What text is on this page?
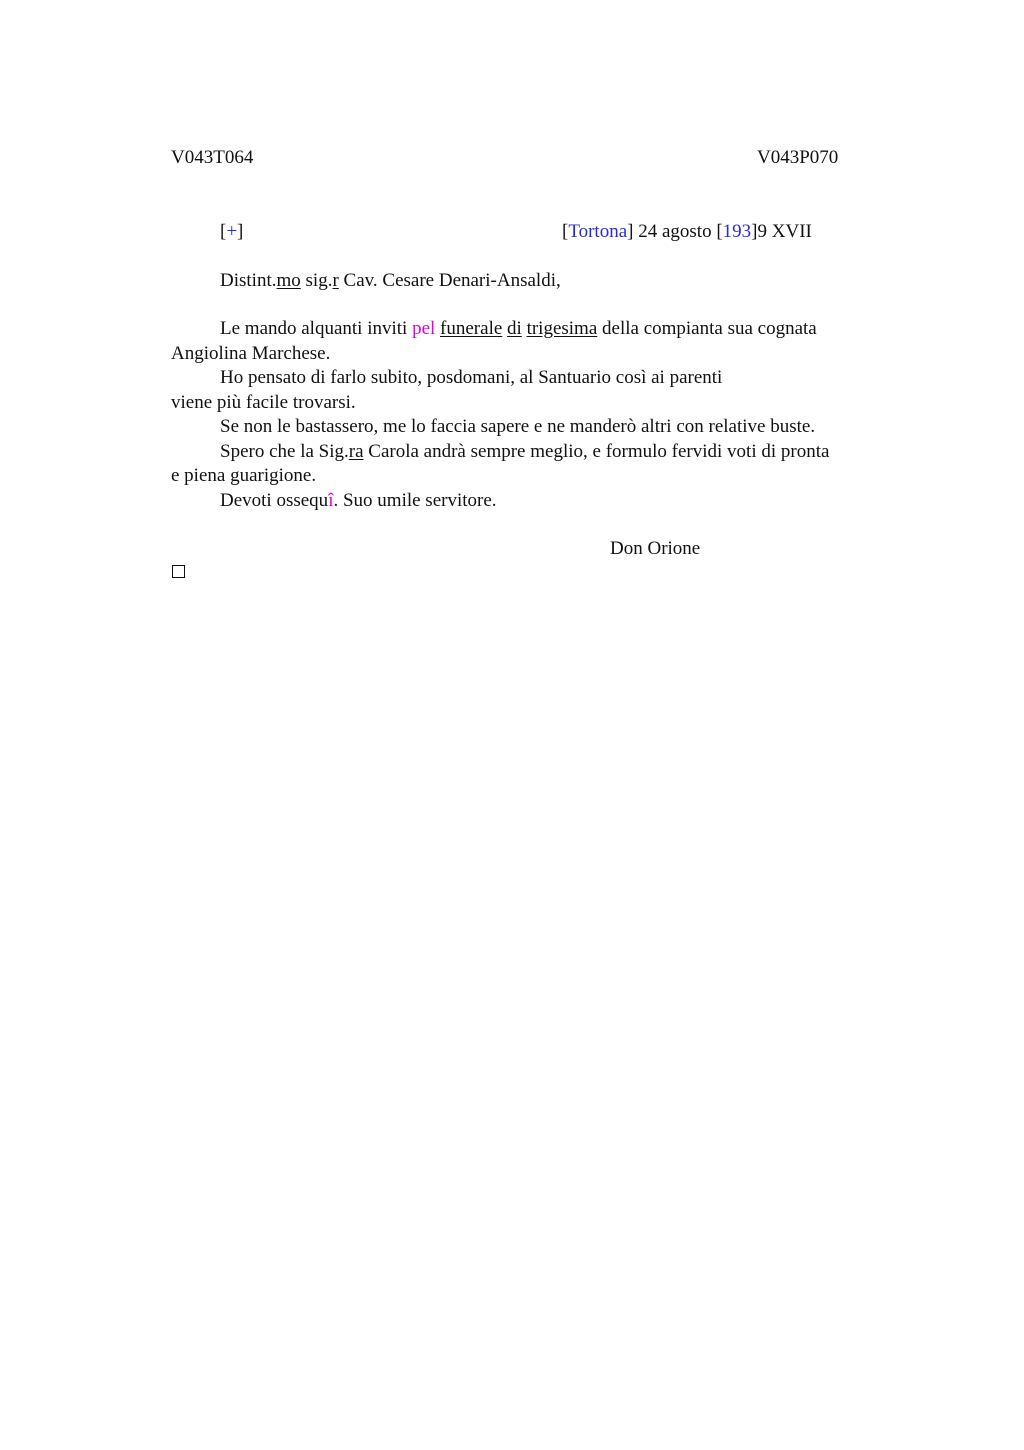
V043T064	V043P070
[+]	[Tortona] 24 agosto [193]9 XVII
Distint.mo sig.r Cav. Cesare Denari-Ansaldi,
Le mando alquanti inviti pel funerale di trigesima della compianta sua cognata
Angiolina Marchese.
Ho pensato di farlo subito, posdomani, al Santuario così ai parenti
viene più facile trovarsi.
Se non le bastassero, me lo faccia sapere e ne manderò altri con relative buste.
Spero che la Sig.ra Carola andrà sempre meglio, e formulo fervidi voti di pronta
e piena guarigione.
Devoti ossequî. Suo umile servitore.
Don Orione
